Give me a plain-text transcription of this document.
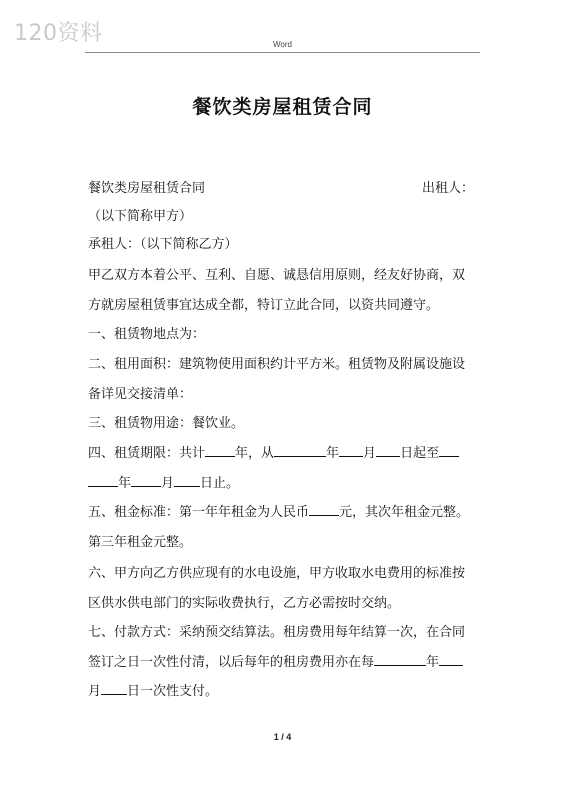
120资料	Word
餐饮类房屋租赁合同
餐饮类房屋租赁合同	出租人：
（以下简称甲方）
承租人：（以下简称乙方）
甲乙双方本着公平、互利、自愿、诚恳信用原则，经友好协商，双
方就房屋租赁事宜达成全都，特订立此合同，以资共同遵守。
一、租赁物地点为：
二、租用面积：建筑物使用面积约计平方米。租赁物及附属设施设
备详见交接清单：
三、租赁物用途：餐饮业。
四、租赁期限：共计 年，从	年 月 日起至
年 月 日止。
五、租金标准：第一年年租金为人民币 元，其次年租金元整。
第三年租金元整。
六、甲方向乙方供应现有的水电设施，甲方收取水电费用的标准按
区供水供电部门的实际收费执行，乙方必需按时交纳。
七、付款方式：采纳预交结算法。租房费用每年结算一次，在合同
签订之日一次性付清，以后每年的租房费用亦在每	年
月 日一次性支付。
1 / 4
